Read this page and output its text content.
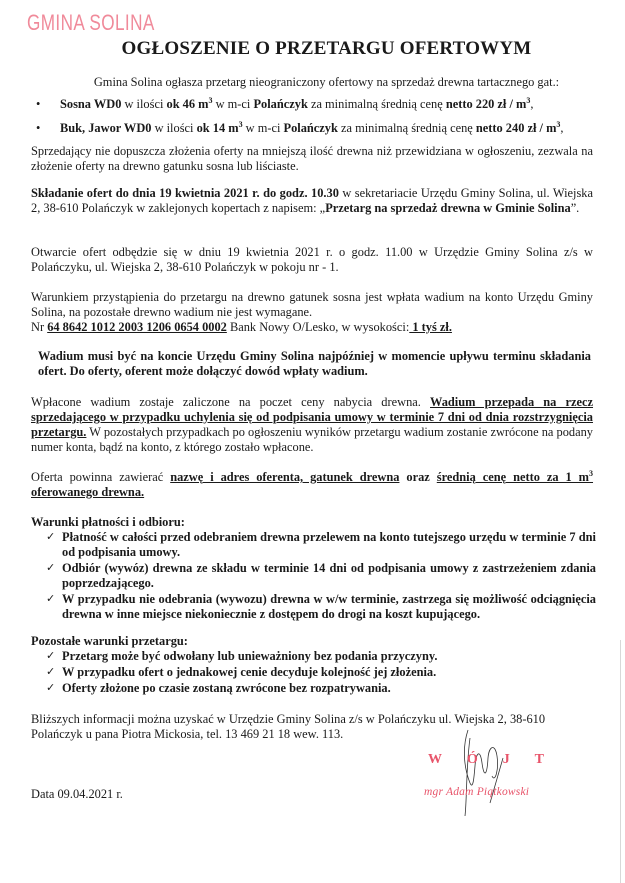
GMINA SOLINA
OGŁOSZENIE O PRZETARGU OFERTOWYM
Gmina Solina ogłasza przetarg nieograniczony ofertowy na sprzedaż drewna tartacznego gat.:
• Sosna WD0 w ilości ok 46 $m^3$ w m-ci Polańczyk za minimalną średnią cenę netto 220 zł / $m^3$,
• Buk, Jawor WD0 w ilości ok 14 $m^3$ w m-ci Polańczyk za minimalną średnią cenę netto 240 zł / $m^3$,
Sprzedający nie dopuszcza złożenia oferty na mniejszą ilość drewna niż przewidziana w ogłoszeniu, zezwala na złożenie oferty na drewno gatunku sosna lub liściaste.
Składanie ofert do dnia 19 kwietnia 2021 r. do godz. 10.30 w sekretariacie Urzędu Gminy Solina, ul. Wiejska 2, 38-610 Polańczyk w zaklejonych kopertach z napisem: „Przetarg na sprzedaż drewna w Gminie Solina”.
Otwarcie ofert odbędzie się w dniu 19 kwietnia 2021 r. o godz. 11.00 w Urzędzie Gminy Solina z/s w Polańczyku, ul. Wiejska 2, 38-610 Polańczyk w pokoju nr - 1.
Warunkiem przystąpienia do przetargu na drewno gatunek sosna jest wpłata wadium na konto Urzędu Gminy Solina, na pozostałe drewno wadium nie jest wymagane.
Nr 64 8642 1012 2003 1206 0654 0002 Bank Nowy O/Lesko, w wysokości: 1 tyś zł.
Wadium musi być na koncie Urzędu Gminy Solina najpóźniej w momencie upływu terminu składania ofert. Do oferty, oferent może dołączyć dowód wpłaty wadium.
Wpłacone wadium zostaje zaliczone na poczet ceny nabycia drewna. Wadium przepada na rzecz sprzedającego w przypadku uchylenia się od podpisania umowy w terminie 7 dni od dnia rozstrzygnięcia przetargu. W pozostałych przypadkach po ogłoszeniu wyników przetargu wadium zostanie zwrócone na podany numer konta, bądź na konto, z którego zostało wpłacone.
Oferta powinna zawierać nazwę i adres oferenta, gatunek drewna oraz średnią cenę netto za 1 $m^3$ oferowanego drewna.
Warunki płatności i odbioru:
✓ Płatność w całości przed odebraniem drewna przelewem na konto tutejszego urzędu w terminie 7 dni od podpisania umowy.
✓ Odbiór (wywóz) drewna ze składu w terminie 14 dni od podpisania umowy z zastrzeżeniem zdania poprzedzającego.
✓ W przypadku nie odebrania (wywozu) drewna w w/w terminie, zastrzega się możliwość odciągnięcia drewna w inne miejsce niekoniecznie z dostępem do drogi na koszt kupującego.
Pozostałe warunki przetargu:
✓ Przetarg może być odwołany lub unieważniony bez podania przyczyny.
✓ W przypadku ofert o jednakowej cenie decyduje kolejność jej złożenia.
✓ Oferty złożone po czasie zostaną zwrócone bez rozpatrywania.
Bliższych informacji można uzyskać w Urzędzie Gminy Solina z/s w Polańczyku ul. Wiejska 2, 38-610 Polańczyk u pana Piotra Mickosia, tel. 13 469 21 18 wew. 113.
Data 09.04.2021 r.
W Ó J T
mgr Adam Piątkowski
